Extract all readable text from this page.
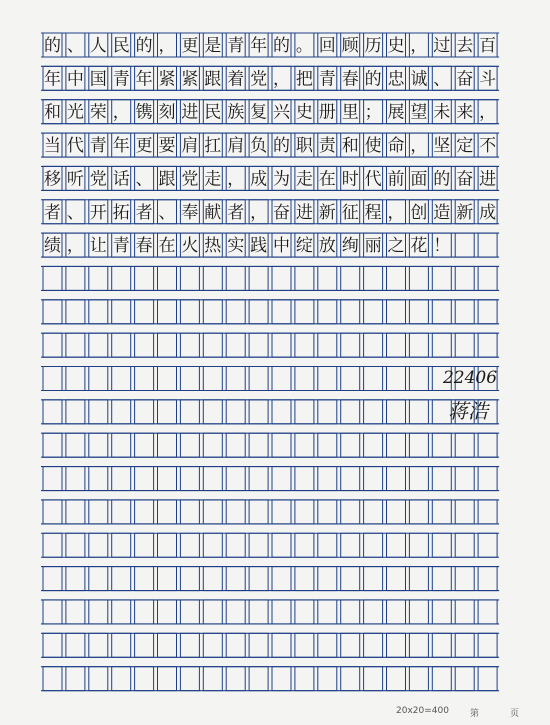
的 、 人 民 的 ， 更 是 青 年 的 。 回 顾 历 史 ， 过 去 百
年 中 国 青 年 紧 紧 跟 着 党 ， 把 青 春 的 忠 诚 、 奋 斗
和 光 荣 ， 镌 刻 进 民 族 复 兴 史 册 里 ； 展 望 未 来 ，
当 代 青 年 更 要 肩 扛 肩 负 的 职 责 和 使 命 ， 坚 定 不
移 听 党 话 、 跟 党 走 ， 成 为 走 在 时 代 前 面 的 奋 进
者 、 开 拓 者 、 奉 献 者 ， 奋 进 新 征 程 ， 创 造 新 成
绩 ， 让 青 春 在 火 热 实 践 中 绽 放 绚 丽 之 花 ！
22406
蒋浩
20x20=400 第	页
